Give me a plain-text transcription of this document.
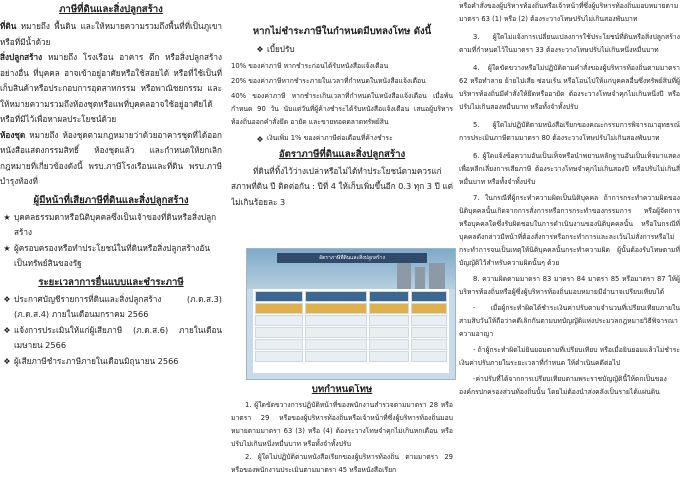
ภาษีที่ดินและสิ่งปลูกสร้าง
ที่ดิน หมายถึง พื้นดิน และให้หมายความรวมถึงพื้นที่ที่เป็นภูเขาหรือที่มีน้ำด้วย
สิ่งปลูกสร้าง หมายถึง โรงเรือน อาคาร ตึก หรือสิ่งปลูกสร้างอย่างอื่น ที่บุคคล อาจเข้าอยู่อาศัยหรือใช้สอยได้ หรือที่ใช้เป็นที่เก็บสินค้าหรือประกอบการอุตสาหกรรม หรือพาณิชยกรรม และให้หมายความรวมถึงห้องชุดหรือแพที่บุคคลอาจใช้อยู่อาศัยได้หรือที่มีไว้เพื่อหาผลประโยชน์ด้วย
ห้องชุด หมายถึง ห้องชุดตามกฎหมายว่าด้วยอาคารชุดที่ได้ออกหนังสือแสดงกรรมสิทธิ์ ห้องชุดแล้ว และกำหนดให้ยกเลิกกฎหมายที่เกี่ยวข้องดังนี้ พรบ.ภาษีโรงเรือนและที่ดิน พรบ.ภาษีบำรุงท้องที่
ผู้มีหน้าที่เสียภาษีที่ดินและสิ่งปลูกสร้าง
★ บุคคลธรรมดาหรือนิติบุคคลซึ่งเป็นเจ้าของที่ดินหรือสิ่งปลูกสร้าง
★ ผู้ครอบครองหรือทำประโยชน์ในที่ดินหรือสิ่งปลูกสร้างอันเป็นทรัพย์สินของรัฐ
ระยะเวลาการยื่นแบบและชำระภาษี
❖ ประกาศบัญชีรายการที่ดินและสิ่งปลูกสร้าง (ภ.ด.ส.3) (ภ.ด.ส.4) ภายในเดือนมกราคม 2566
❖ แจ้งการประเมินให้แก่ผู้เสียภาษี (ภ.ด.ส.6) ภายในเดือนเมษายน 2566
❖ ผู้เสียภาษีชำระภาษีภายในเดือนมิถุนายน 2566
หากไม่ชำระภาษีในกำหนดมีบทลงโทษ ดังนี้
❖ เบี้ยปรับ
10% ของค่าภาษี หากชำระก่อนได้รับหนังสือแจ้งเตือน
20% ของค่าภาษีหากชำระภายในเวลาที่กำหนดในหนังสือแจ้งเตือน
40% ของค่าภาษี หากชำระเกินเวลาที่กำหนดในหนังสือแจ้งเตือน เมื่อพ้นกำหนด 90 วัน นับแต่วันที่ผู้ค้างชำระได้รับหนังสือแจ้งเตือน เสนอผู้บริหารท้องถิ่นออกคำสั่งยึด อายัด และขายทอดตลาดทรัพย์สิน
❖ เงินเพิ่ม 1% ของค่าภาษีต่อเดือนที่ค้างชำระ
อัตราภาษีที่ดินและสิ่งปลูกสร้าง
ที่ดินที่ทิ้งไว้ว่างเปล่าหรือไม่ได้ทำประโยชน์ตามควรแก่สภาพที่ดิน ปี ติดต่อกัน : ปีที่ 4 ให้เก็บเพิ่มขึ้นอีก 0.3 ทุก 3 ปี แต่ไม่เกินร้อยละ 3
อัตราภาษีที่ดินและสิ่งปลูกสร้าง
บทกำหนดโทษ
1. ผู้ใดขัดขวางการปฏิบัติหน้าที่ของพนักงานสำรวจตามมาตรา 28 หรือมาตรา 29 หรือของผู้บริหารท้องถิ่นหรือเจ้าหน้าที่ซึ่งผู้บริหารท้องถิ่นมอบหมายตามมาตรา 63 (3) หรือ (4) ต้องระวางโทษจำคุกไม่เกินหกเดือน หรือปรับไม่เกินหนึ่งหมื่นบาท หรือทั้งจำทั้งปรับ
2. ผู้ใดไม่ปฏิบัติตามหนังสือเรียกของผู้บริหารท้องถิ่น ตามมาตรา 29 หรือของพนักงานประเมินตามมาตรา 45 หรือหนังสือเรียก
หรือคำสั่งของผู้บริหารท้องถิ่นหรือเจ้าหน้าที่ซึ่งผู้บริหารท้องถิ่นมอบหมายตามมาตรา 63 (1) หรือ (2) ต้องระวางโทษปรับไม่เกินสองพันบาท
3. ผู้ใดไม่แจ้งการเปลี่ยนแปลงการใช้ประโยชน์ที่ดินหรือสิ่งปลูกสร้างตามที่กำหนดไว้ในมาตรา 33 ต้องระวางโทษปรับไม่เกินหนึ่งหมื่นบาท
4. ผู้ใดขัดขวางหรือไม่ปฏิบัติตามคำสั่งของผู้บริหารท้องถิ่นตามมาตรา 62 หรือทำลาย ย้ายไปเสีย ซ่อนเร้น หรือโอนไปให้แก่บุคคลอื่นซึ่งทรัพย์สินที่ผู้บริหารท้องถิ่นมีคำสั่งให้ยึดหรืออายัด ต้องระวางโทษจำคุกไม่เกินหนึ่งปี หรือปรับไม่เกินสองหมื่นบาท หรือทั้งจำทั้งปรับ
5. ผู้ใดไม่ปฏิบัติตามหนังสือเรียกของคณะกรรมการพิจารณาอุทธรณ์การประเมินภาษีตามมาตรา 80 ต้องระวางโทษปรับไม่เกินสองพันบาท
6. ผู้ใดแจ้งข้อความอันเป็นเท็จหรือนำพยานหลักฐานอันเป็นเท็จมาแสดงเพื่อหลีกเลี่ยงการเสียภาษี ต้องระวางโทษจำคุกไม่เกินสองปี หรือปรับไม่เกินสี่หมื่นบาท หรือทั้งจำทั้งปรับ
7. ในกรณีที่ผู้กระทำความผิดเป็นนิติบุคคล ถ้าการกระทำความผิดของ นิติบุคคลนั้นเกิดจากการสั่งการหรือการกระทำของกรรมการ หรือผู้จัดการ หรือบุคคลใดซึ่งรับผิดชอบในการดำเนินงานของนิติบุคคลนั้น หรือในกรณีที่บุคคลดังกล่าวมีหน้าที่ต้องสั่งการหรือกระทำการและละเว้นไม่สั่งการหรือไม่กระทำการจนเป็นเหตุให้นิติบุคคลนั้นกระทำความผิด ผู้นั้นต้องรับโทษตามที่บัญญัติไว้สำหรับความผิดนั้นๆ ด้วย
8. ความผิดตามมาตรา 83 มาตรา 84 มาตรา 85 หรือมาตรา 87 ให้ผู้บริหารท้องถิ่นหรือผู้ซึ่งผู้บริหารท้องถิ่นมอบหมายมีอำนาจเปรียบเทียบได้
- เมื่อผู้กระทำผิดได้ชำระเงินค่าปรับตามจำนวนที่เปรียบเทียบภายในสามสิบวันให้ถือว่าคดีเลิกกันตามบทบัญญัติแห่งประมวลกฎหมายวิธีพิจารณาความอาญา
- ถ้าผู้กระทำผิดไม่ยินยอมตามที่เปรียบเทียบ หรือเมื่อยินยอมแล้วไม่ชำระเงินค่าปรับภายในระยะเวลาที่กำหนด ให้ดำเนินคดีต่อไป
-ค่าปรับที่ได้จากการเปรียบเทียบตามพระราชบัญญัตินี้ให้ตกเป็นขององค์กรปกครองส่วนท้องถิ่นนั้น โดยไม่ต้องนำส่งคลังเป็นรายได้แผ่นดิน
